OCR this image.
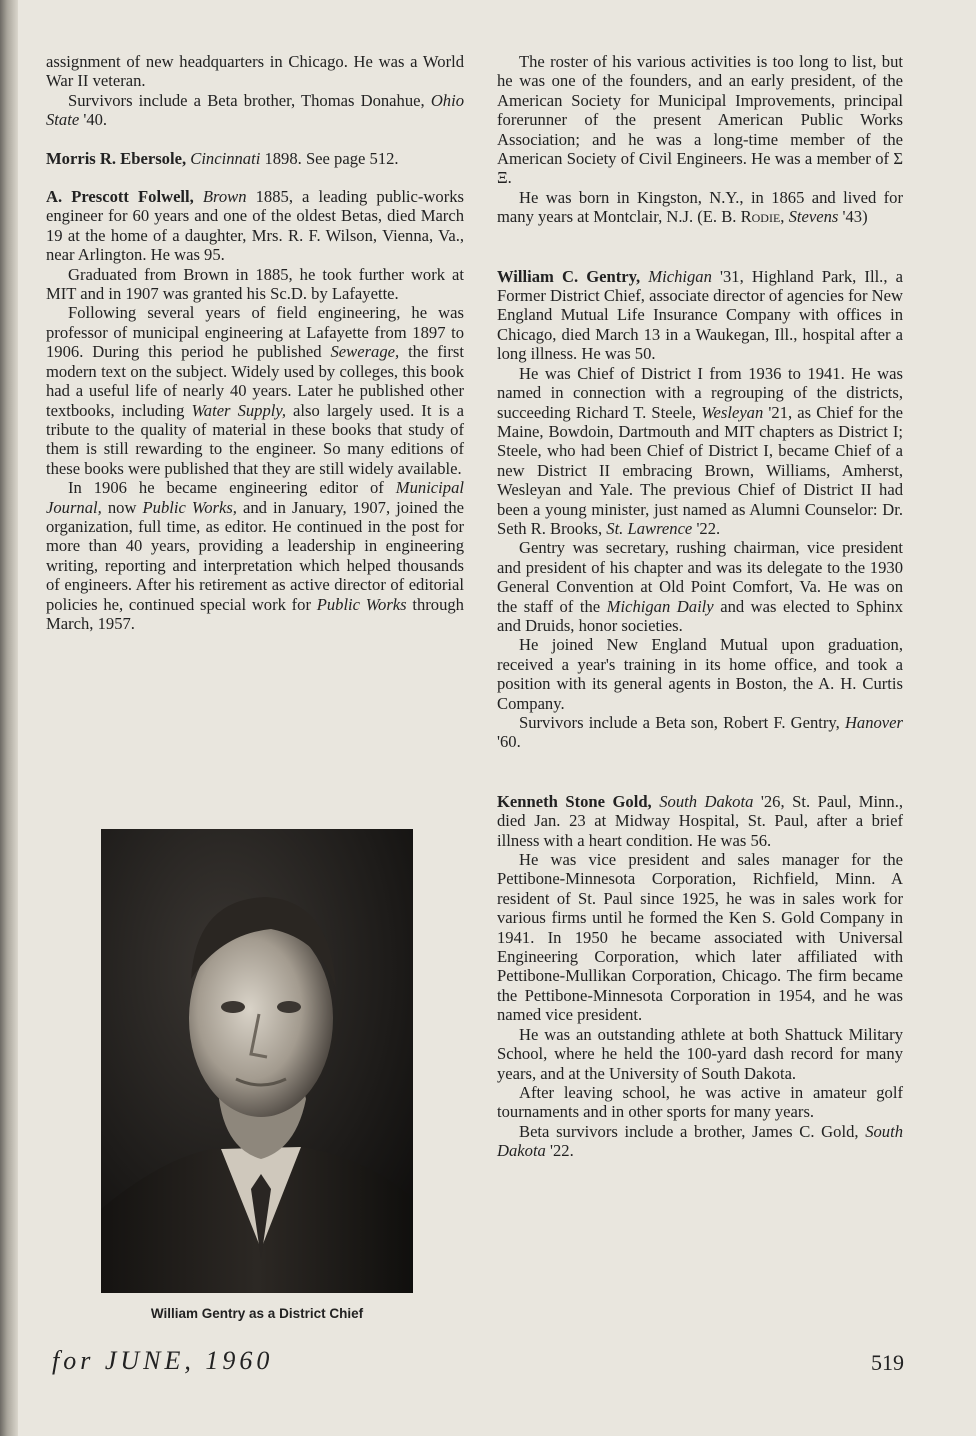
assignment of new headquarters in Chicago. He was a World War II veteran.

Survivors include a Beta brother, Thomas Donahue, Ohio State '40.

Morris R. Ebersole, Cincinnati 1898. See page 512.

A. Prescott Folwell, Brown 1885, a leading public-works engineer for 60 years and one of the oldest Betas, died March 19 at the home of a daughter, Mrs. R. F. Wilson, Vienna, Va., near Arlington. He was 95.

Graduated from Brown in 1885, he took further work at MIT and in 1907 was granted his Sc.D. by Lafayette.

Following several years of field engineering, he was professor of municipal engineering at Lafayette from 1897 to 1906. During this period he published Sewerage, the first modern text on the subject. Widely used by colleges, this book had a useful life of nearly 40 years. Later he published other textbooks, including Water Supply, also largely used. It is a tribute to the quality of material in these books that study of them is still rewarding to the engineer. So many editions of these books were published that they are still widely available.

In 1906 he became engineering editor of Municipal Journal, now Public Works, and in January, 1907, joined the organization, full time, as editor. He continued in the post for more than 40 years, providing a leadership in engineering writing, reporting and interpretation which helped thousands of engineers. After his retirement as active director of editorial policies he, continued special work for Public Works through March, 1957.

William Gentry as a District Chief

The roster of his various activities is too long to list, but he was one of the founders, and an early president, of the American Society for Municipal Improvements, principal forerunner of the present American Public Works Association; and he was a long-time member of the American Society of Civil Engineers. He was a member of Σ Ξ.

He was born in Kingston, N.Y., in 1865 and lived for many years at Montclair, N.J. (E. B. Rodie, Stevens '43)

William C. Gentry, Michigan '31, Highland Park, Ill., a Former District Chief, associate director of agencies for New England Mutual Life Insurance Company with offices in Chicago, died March 13 in a Waukegan, Ill., hospital after a long illness. He was 50.

He was Chief of District I from 1936 to 1941. He was named in connection with a regrouping of the districts, succeeding Richard T. Steele, Wesleyan '21, as Chief for the Maine, Bowdoin, Dartmouth and MIT chapters as District I; Steele, who had been Chief of District I, became Chief of a new District II embracing Brown, Williams, Amherst, Wesleyan and Yale. The previous Chief of District II had been a young minister, just named as Alumni Counselor: Dr. Seth R. Brooks, St. Lawrence '22.

Gentry was secretary, rushing chairman, vice president and president of his chapter and was its delegate to the 1930 General Convention at Old Point Comfort, Va. He was on the staff of the Michigan Daily and was elected to Sphinx and Druids, honor societies.

He joined New England Mutual upon graduation, received a year's training in its home office, and took a position with its general agents in Boston, the A. H. Curtis Company.

Survivors include a Beta son, Robert F. Gentry, Hanover '60.

Kenneth Stone Gold, South Dakota '26, St. Paul, Minn., died Jan. 23 at Midway Hospital, St. Paul, after a brief illness with a heart condition. He was 56.

He was vice president and sales manager for the Pettibone-Minnesota Corporation, Richfield, Minn. A resident of St. Paul since 1925, he was in sales work for various firms until he formed the Ken S. Gold Company in 1941. In 1950 he became associated with Universal Engineering Corporation, which later affiliated with Pettibone-Mullikan Corporation, Chicago. The firm became the Pettibone-Minnesota Corporation in 1954, and he was named vice president.

He was an outstanding athlete at both Shattuck Military School, where he held the 100-yard dash record for many years, and at the University of South Dakota.

After leaving school, he was active in amateur golf tournaments and in other sports for many years.

Beta survivors include a brother, James C. Gold, South Dakota '22.

for JUNE, 1960	519
